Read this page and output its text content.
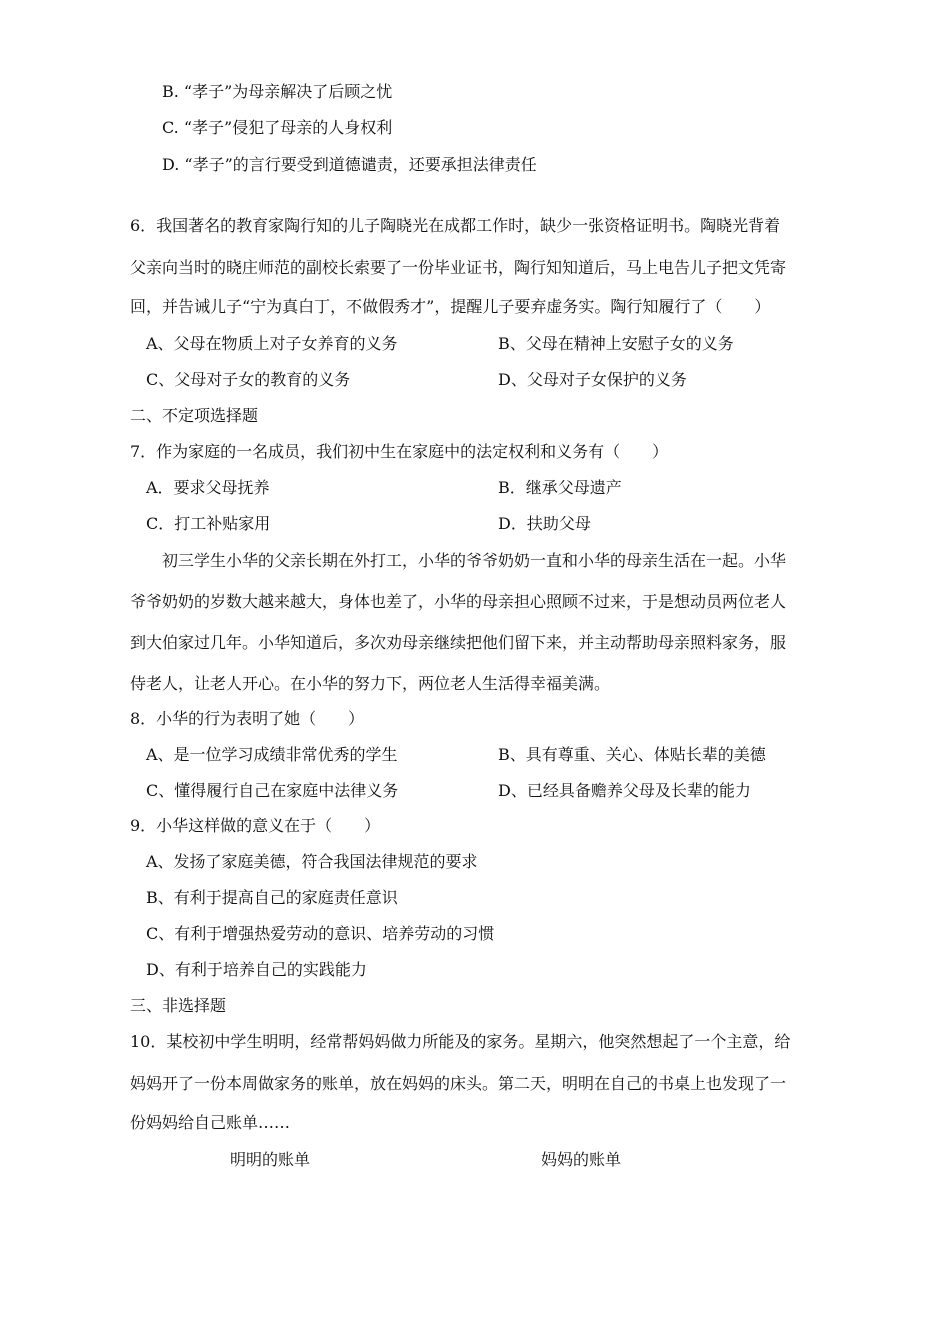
B. “孝子”为母亲解决了后顾之忧
C. “孝子”侵犯了母亲的人身权利
D. “孝子”的言行要受到道德谴责，还要承担法律责任
6．我国著名的教育家陶行知的儿子陶晓光在成都工作时，缺少一张资格证明书。陶晓光背着
父亲向当时的晓庄师范的副校长索要了一份毕业证书，陶行知知道后，马上电告儿子把文凭寄
回，并告诫儿子“宁为真白丁，不做假秀才”，提醒儿子要弃虚务实。陶行知履行了（　　）
A、父母在物质上对子女养育的义务	B、父母在精神上安慰子女的义务
C、父母对子女的教育的义务	D、父母对子女保护的义务
二、不定项选择题
7．作为家庭的一名成员，我们初中生在家庭中的法定权利和义务有（　　）
A．要求父母抚养	B．继承父母遗产
C．打工补贴家用	D．扶助父母
初三学生小华的父亲长期在外打工，小华的爷爷奶奶一直和小华的母亲生活在一起。小华
爷爷奶奶的岁数大越来越大，身体也差了，小华的母亲担心照顾不过来，于是想动员两位老人
到大伯家过几年。小华知道后，多次劝母亲继续把他们留下来，并主动帮助母亲照料家务，服
侍老人，让老人开心。在小华的努力下，两位老人生活得幸福美满。
8．小华的行为表明了她（　　）
A、是一位学习成绩非常优秀的学生	B、具有尊重、关心、体贴长辈的美德
C、懂得履行自己在家庭中法律义务	D、已经具备赡养父母及长辈的能力
9．小华这样做的意义在于（　　）
A、发扬了家庭美德，符合我国法律规范的要求
B、有利于提高自己的家庭责任意识
C、有利于增强热爱劳动的意识、培养劳动的习惯
D、有利于培养自己的实践能力
三、非选择题
10．某校初中学生明明，经常帮妈妈做力所能及的家务。星期六，他突然想起了一个主意，给
妈妈开了一份本周做家务的账单，放在妈妈的床头。第二天，明明在自己的书桌上也发现了一
份妈妈给自己账单……
明明的账单	妈妈的账单
